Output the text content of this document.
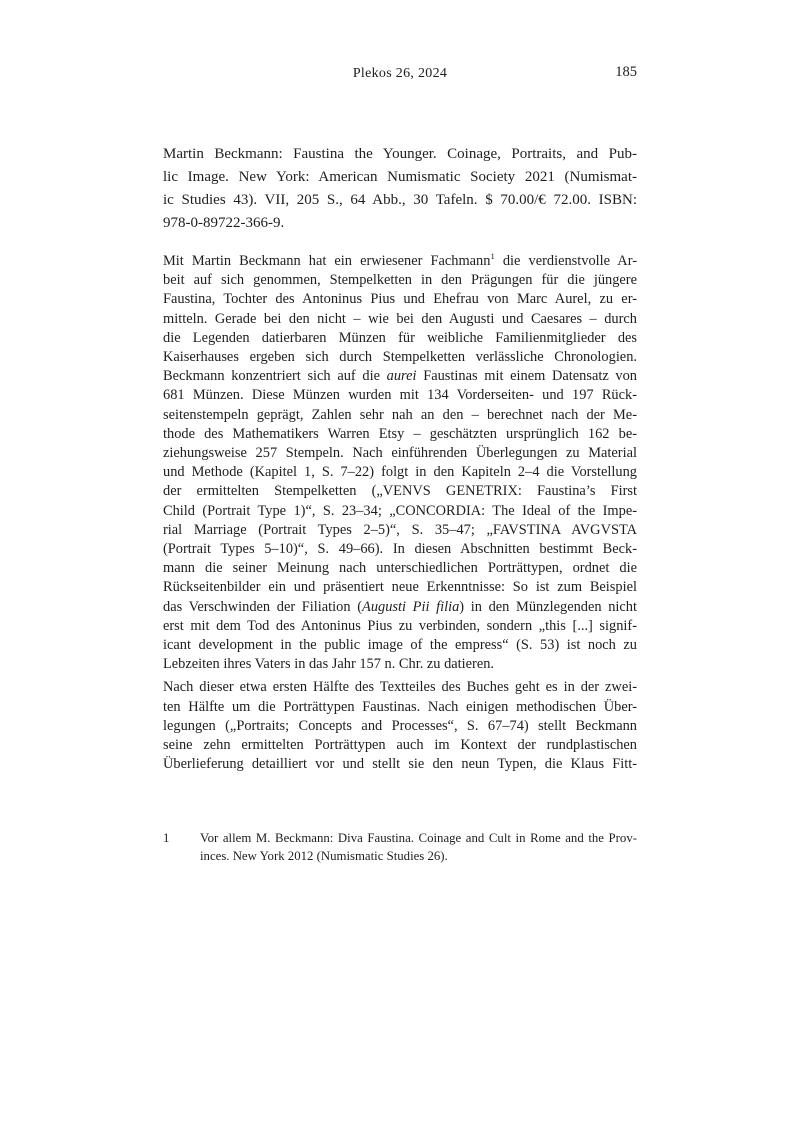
Plekos 26, 2024	185
Martin Beckmann: Faustina the Younger. Coinage, Portraits, and Pub-
lic Image. New York: American Numismatic Society 2021 (Numismat-
ic Studies 43). VII, 205 S., 64 Abb., 30 Tafeln. $ 70.00/€ 72.00. ISBN:
978-0-89722-366-9.
Mit Martin Beckmann hat ein erwiesener Fachmann$^1$ die verdienstvolle Ar-
beit auf sich genommen, Stempelketten in den Prägungen für die jüngere
Faustina, Tochter des Antoninus Pius und Ehefrau von Marc Aurel, zu er-
mitteln. Gerade bei den nicht – wie bei den Augusti und Caesares – durch
die Legenden datierbaren Münzen für weibliche Familienmitglieder des
Kaiserhauses ergeben sich durch Stempelketten verlässliche Chronologien.
Beckmann konzentriert sich auf die aurei Faustinas mit einem Datensatz von
681 Münzen. Diese Münzen wurden mit 134 Vorderseiten- und 197 Rück-
seitenstempeln geprägt, Zahlen sehr nah an den – berechnet nach der Me-
thode des Mathematikers Warren Etsy – geschätzten ursprünglich 162 be-
ziehungsweise 257 Stempeln. Nach einführenden Überlegungen zu Material
und Methode (Kapitel 1, S. 7–22) folgt in den Kapiteln 2–4 die Vorstellung
der ermittelten Stempelketten („VENVS GENETRIX: Faustina’s First
Child (Portrait Type 1)“, S. 23–34; „CONCORDIA: The Ideal of the Impe-
rial Marriage (Portrait Types 2–5)“, S. 35–47; „FAVSTINA AVGVSTA
(Portrait Types 5–10)“, S. 49–66). In diesen Abschnitten bestimmt Beck-
mann die seiner Meinung nach unterschiedlichen Porträttypen, ordnet die
Rückseitenbilder ein und präsentiert neue Erkenntnisse: So ist zum Beispiel
das Verschwinden der Filiation (Augusti Pii filia) in den Münzlegenden nicht
erst mit dem Tod des Antoninus Pius zu verbinden, sondern „this [...] signif-
icant development in the public image of the empress“ (S. 53) ist noch zu
Lebzeiten ihres Vaters in das Jahr 157 n. Chr. zu datieren.
Nach dieser etwa ersten Hälfte des Textteiles des Buches geht es in der zwei-
ten Hälfte um die Porträttypen Faustinas. Nach einigen methodischen Über-
legungen („Portraits; Concepts and Processes“, S. 67–74) stellt Beckmann
seine zehn ermittelten Porträttypen auch im Kontext der rundplastischen
Überlieferung detailliert vor und stellt sie den neun Typen, die Klaus Fitt-
1 Vor allem M. Beckmann: Diva Faustina. Coinage and Cult in Rome and the Prov-
inces. New York 2012 (Numismatic Studies 26).
